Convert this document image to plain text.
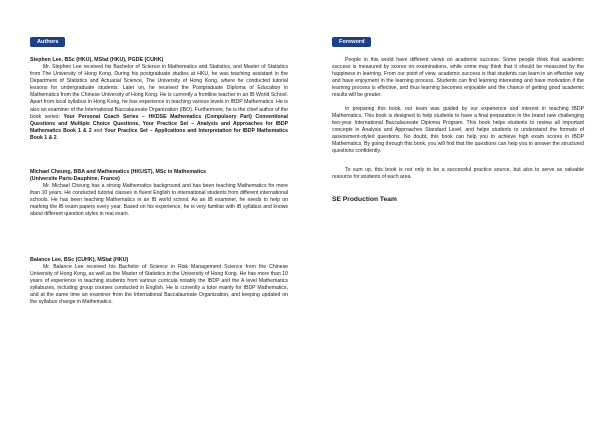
Authors
Stephen Lee, BSc (HKU), MStat (HKU), PGDE (CUHK)

Mr. Stephen Lee received his Bachelor of Science in Mathematics and Statistics, and Master of Statistics from The University of Hong Kong. During his postgraduate studies at HKU, he was teaching assistant in the Department of Statistics and Actuarial Science, The University of Hong Kong, where he conducted tutorial lessons for undergraduate students. Later on, he received the Postgraduate Diploma of Education in Mathematics from the Chinese University of Hong Kong. He is currently a frontline teacher in an IB World School. Apart from local syllabus in Hong Kong, he has experience in teaching various levels in IBDP Mathematics. He is also an examiner of the International Baccalaureate Organization (IBO). Furthermore, he is the chief author of the book series: Your Personal Coach Series – HKDSE Mathematics (Compulsory Part) Conventional Questions and Multiple Choice Questions, Your Practice Set – Analysis and Approaches for IBDP Mathematics Book 1 & 2 and Your Practice Set – Applications and Interpretation for IBDP Mathematics Book 1 & 2.

Michael Cheung, BBA and Mathematics (HKUST), MSc in Mathematics
(Universite Paris-Dauphine, France)

Mr. Michael Cheung has a strong Mathematics background and has been teaching Mathematics for more than 10 years. He conducted tutorial classes in fluent English to international students from different international schools. He has been teaching Mathematics in an IB world school. As an IB examiner, he needs to help on marking the IB exam papers every year. Based on his experience, he is very familiar with IB syllabus and knows about different question styles in real exam.

Balance Lee, BSc (CUHK), MStat (HKU)

Mr. Balance Lee received his Bachelor of Science in Risk Management Science from the Chinese University of Hong Kong, as well as the Master of Statistics in the University of Hong Kong. He has more than 10 years of experience in teaching students from various curricula notably the IBDP and the A level Mathematics syllabuses, including group courses conducted in English. He is currently a tutor mainly for IBDP Mathematics, and at the same time an examiner from the International Baccalaureate Organization, and keeping updated on the syllabus change in Mathematics.

Foreword

People in this world have different views on academic success. Some people think that academic success is measured by scores on examinations, while some may think that it should be measured by the happiness in learning. From our point of view, academic success is that students can learn in an effective way and have enjoyment in the learning process. Students can find learning interesting and have motivation if the learning process is effective, and thus learning becomes enjoyable and the chance of getting good academic results will be greater.

In preparing this book, our team was guided by our experience and interest in teaching IBDP Mathematics. This book is designed to help students to have a final preparation in the brand new challenging two-year International Baccalaureate Diploma Program. This book helps students to review all important concepts in Analysis and Approaches Standard Level, and helps students to understand the formats of assessment-styled questions. No doubt, this book can help you to achieve high exam scores in IBDP Mathematics. By going through this book, you will find that the questions can help you to answer the structured questions confidently.

To sum up, this book is not only to be a successful practice source, but also to serve as valuable resource for students of each area.

SE Production Team
